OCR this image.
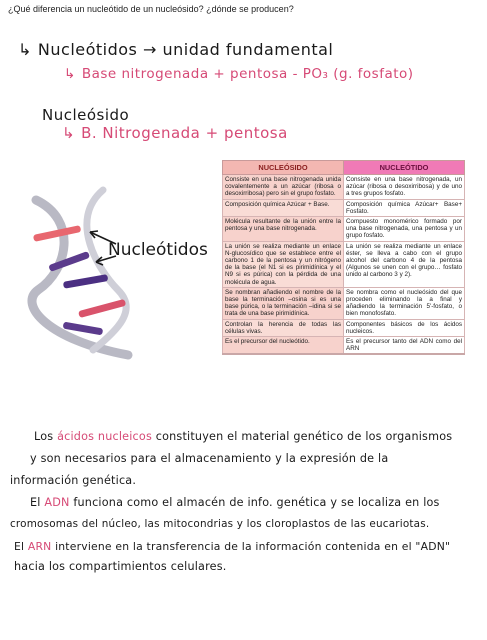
¿Qué diferencia un nucleótido de un nucleósido? ¿dónde se producen?
↳ Nucleótidos → unidad fundamental
↳ Base nitrogenada + pentosa - PO₃ (g. fosfato)
Nucleósido
↳ B. Nitrogenada + pentosa
Nucleótidos
NUCLEÓSIDO	NUCLEÓTIDO
Consiste en una base nitrogenada unida covalentemente a un azúcar (ribosa o desoxirribosa) pero sin el grupo fosfato.	Consiste en una base nitrogenada, un azúcar (ribosa o desoxirribosa) y de uno a tres grupos fosfato.
Composición química Azúcar + Base.	Composición química Azúcar+ Base+ Fosfato.
Molécula resultante de la unión entre la pentosa y una base nitrogenada.	Compuesto monomérico formado por una base nitrogenada, una pentosa y un grupo fosfato.
La unión se realiza mediante un enlace N-glucosídico que se establece entre el carbono 1 de la pentosa y un nitrógeno de la base (el N1 si es pirimidínica y el N9 si es púrica) con la pérdida de una molécula de agua.	La unión se realiza mediante un enlace éster, se lleva a cabo con el grupo alcohol del carbono 4 de la pentosa (Algunos se unen con el grupo… fosfato unido al carbono 3 y 2).
Se nombran añadiendo el nombre de la base la terminación –osina si es una base púrica, o la terminación –idina si se trata de una base pirimidínica.	Se nombra como el nucleósido del que proceden eliminando la a final y añadiendo la terminación 5'-fosfato, o bien monofosfato.
Controlan la herencia de todas las células vivas.	Componentes básicos de los ácidos nucleicos.
Es el precursor del nucleótido.	Es el precursor tanto del ADN como del ARN
Los ácidos nucleicos constituyen el material genético de los organismos
y son necesarios para el almacenamiento y la expresión de la
información genética.
El ADN funciona como el almacén de info. genética y se localiza en los
cromosomas del núcleo, las mitocondrias y los cloroplastos de las eucariotas.
El ARN interviene en la transferencia de la información contenida en el "ADN"
hacia los compartimientos celulares.
